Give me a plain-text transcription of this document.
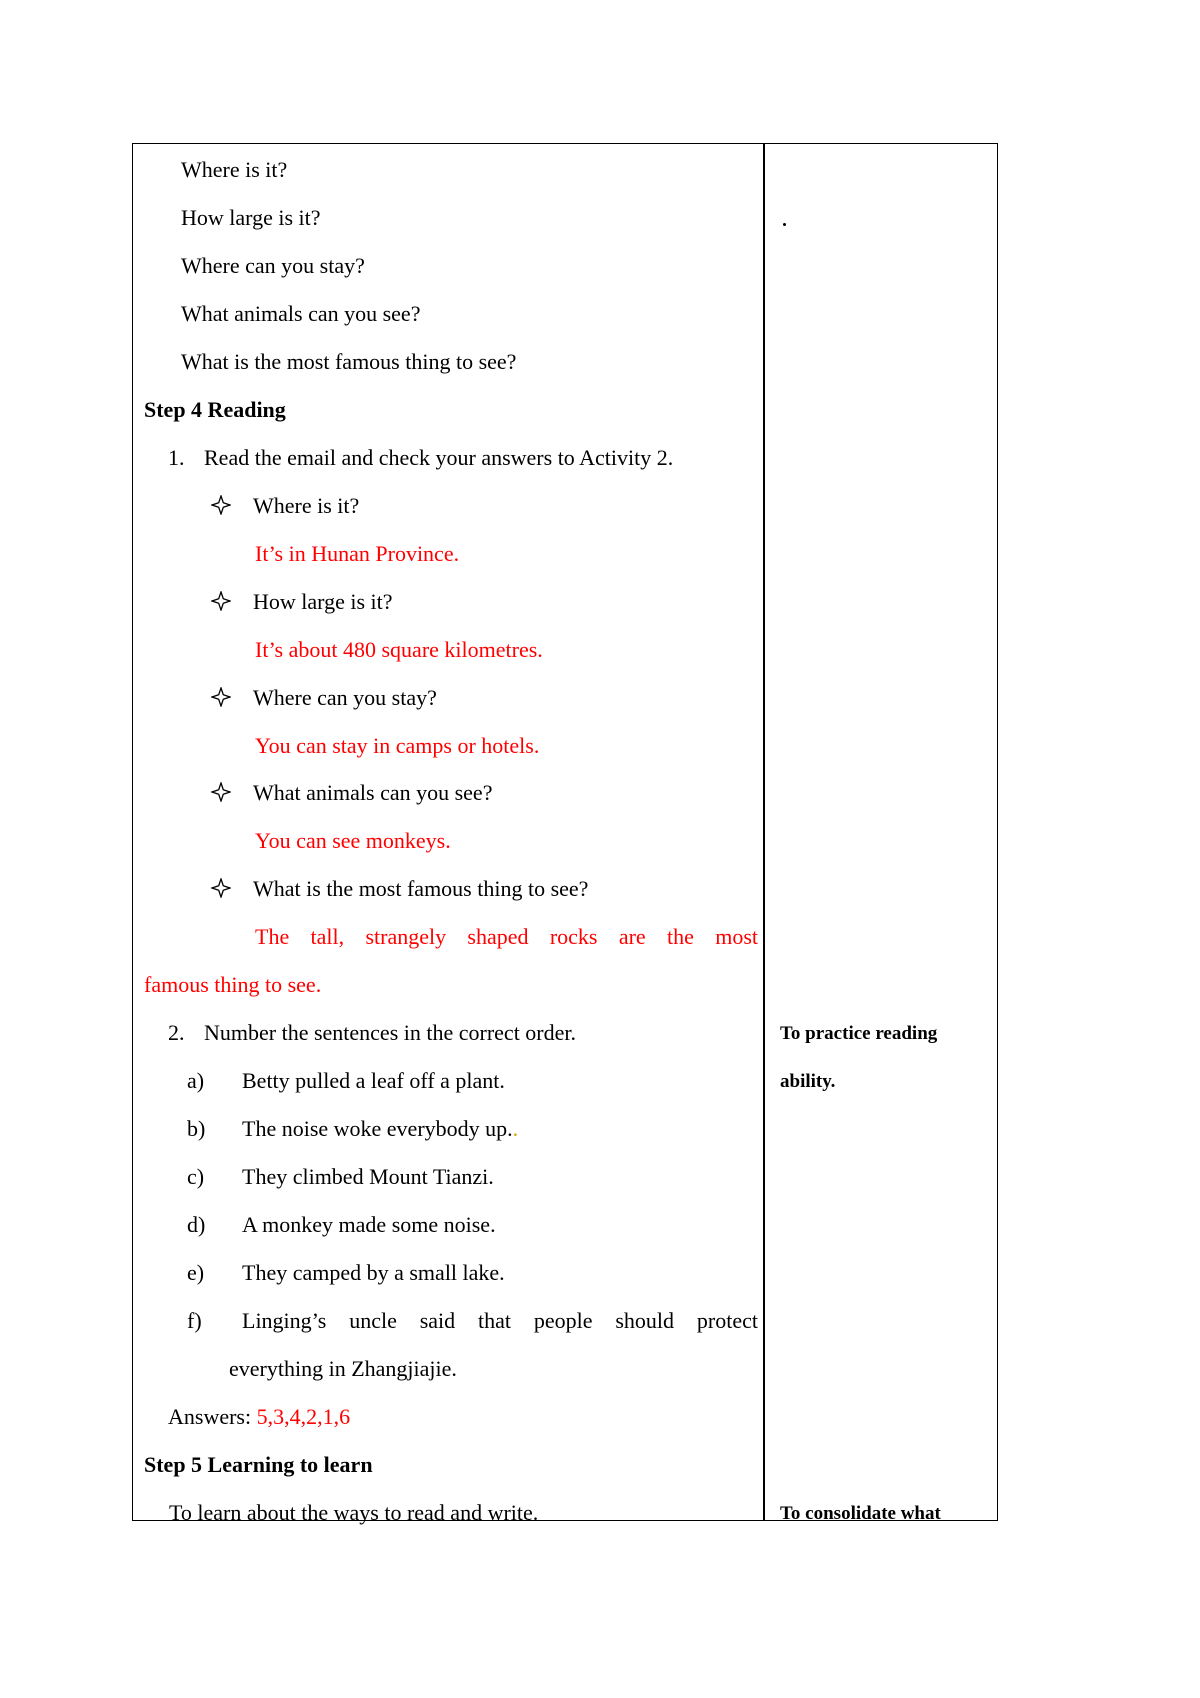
Where is it?
How large is it?
Where can you stay?
What animals can you see?
What is the most famous thing to see?
Step 4 Reading
1. Read the email and check your answers to Activity 2.
Where is it?
It’s in Hunan Province.
How large is it?
It’s about 480 square kilometres.
Where can you stay?
You can stay in camps or hotels.
What animals can you see?
You can see monkeys.
What is the most famous thing to see?
The tall, strangely shaped rocks are the most
famous thing to see.
2. Number the sentences in the correct order.
a) Betty pulled a leaf off a plant.
b) The noise woke everybody up..
c) They climbed Mount Tianzi.
d) A monkey made some noise.
e) They camped by a small lake.
f) Linging’s uncle said that people should protect
everything in Zhangjiajie.
Answers: 5,3,4,2,1,6
Step 5 Learning to learn
To learn about the ways to read and write.
To practice reading
ability.
To consolidate what
